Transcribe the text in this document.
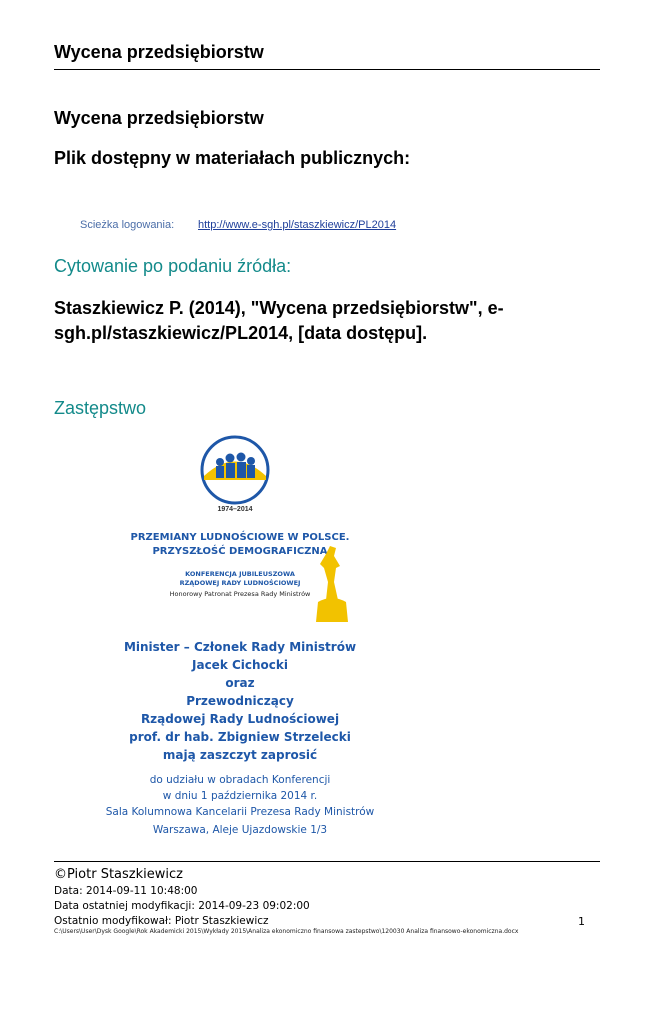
Wycena przedsiębiorstw
Wycena przedsiębiorstw
Plik dostępny w materiałach publicznych:
Scieżka logowania: http://www.e-sgh.pl/staszkiewicz/PL2014
Cytowanie po podaniu źródła:
Staszkiewicz P. (2014), "Wycena przedsiębiorstw", e-sgh.pl/staszkiewicz/PL2014, [data dostępu].
Zastępstwo
1974–2014
PRZEMIANY LUDNOŚCIOWE W POLSCE.
PRZYSZŁOŚĆ DEMOGRAFICZNA
KONFERENCJA JUBILEUSZOWA
RZĄDOWEJ RADY LUDNOŚCIOWEJ
Honorowy Patronat Prezesa Rady Ministrów
Minister – Członek Rady Ministrów
Jacek Cichocki
oraz
Przewodniczący
Rządowej Rady Ludnościowej
prof. dr hab. Zbigniew Strzelecki
mają zaszczyt zaprosić
do udziału w obradach Konferencji
w dniu 1 października 2014 r.
Sala Kolumnowa Kancelarii Prezesa Rady Ministrów
Warszawa, Aleje Ujazdowskie 1/3
©Piotr Staszkiewicz
Data: 2014-09-11 10:48:00
Data ostatniej modyfikacji: 2014-09-23 09:02:00
Ostatnio modyfikował: Piotr Staszkiewicz	1
C:\Users\User\Dysk Google\Rok Akademicki 2015\Wykłady 2015\Analiza ekonomiczno finansowa zastepstwo\120030 Analiza finansowo-ekonomiczna.docx
